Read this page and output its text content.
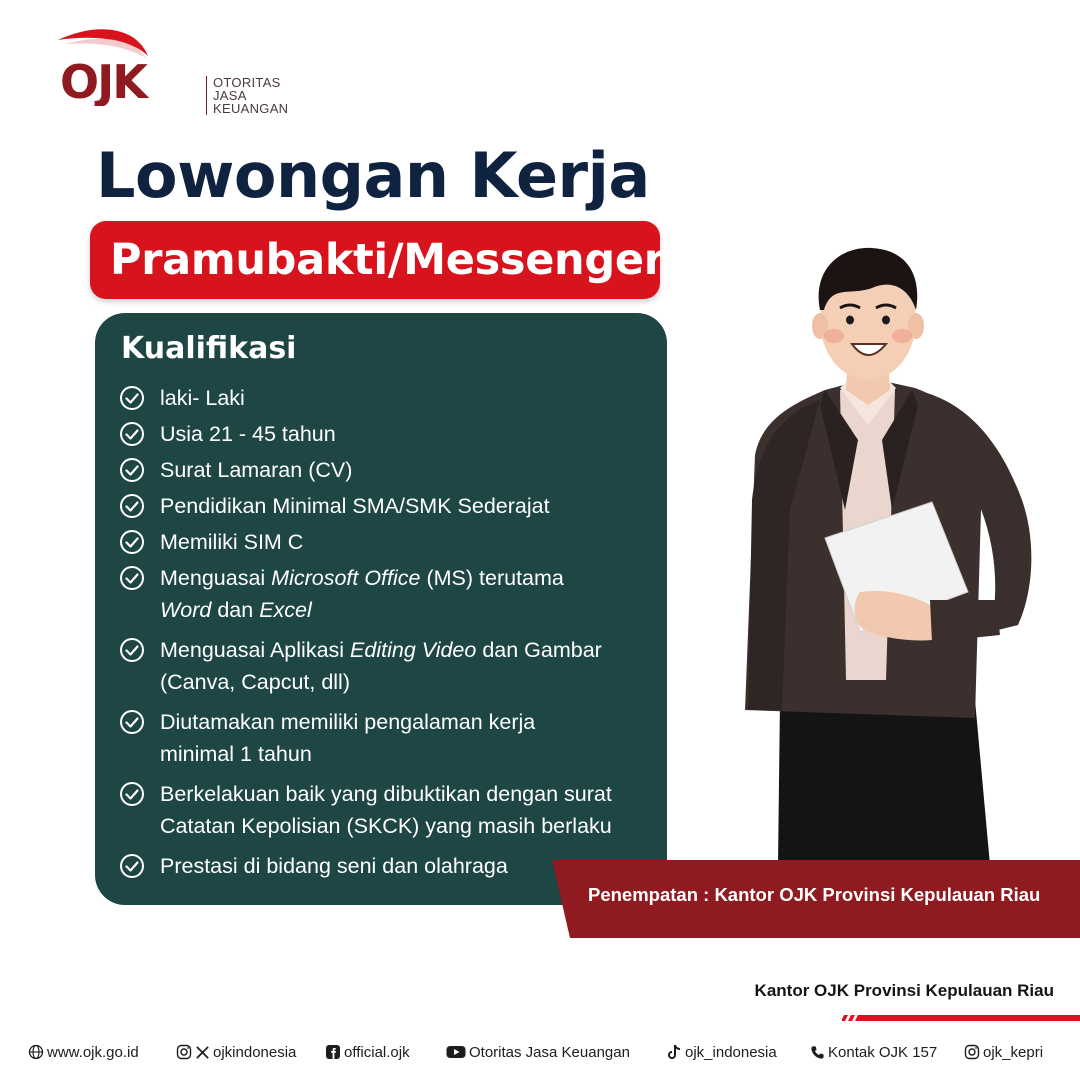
OJK	OTORITAS
JASA
KEUANGAN
Lowongan Kerja
Pramubakti/Messenger
Kualifikasi
laki- Laki
Usia 21 - 45 tahun
Surat Lamaran (CV)
Pendidikan Minimal SMA/SMK Sederajat
Memiliki SIM C
Menguasai Microsoft Office (MS) terutama
Word dan Excel
Menguasai Aplikasi Editing Video dan Gambar
(Canva, Capcut, dll)
Diutamakan memiliki pengalaman kerja
minimal 1 tahun
Berkelakuan baik yang dibuktikan dengan surat
Catatan Kepolisian (SKCK) yang masih berlaku
Prestasi di bidang seni dan olahraga
Penempatan : Kantor OJK Provinsi Kepulauan Riau
Kantor OJK Provinsi Kepulauan Riau
www.ojk.go.id	ojkindonesia	official.ojk	Otoritas Jasa Keuangan	ojk_indonesia	Kontak OJK 157	ojk_kepri
